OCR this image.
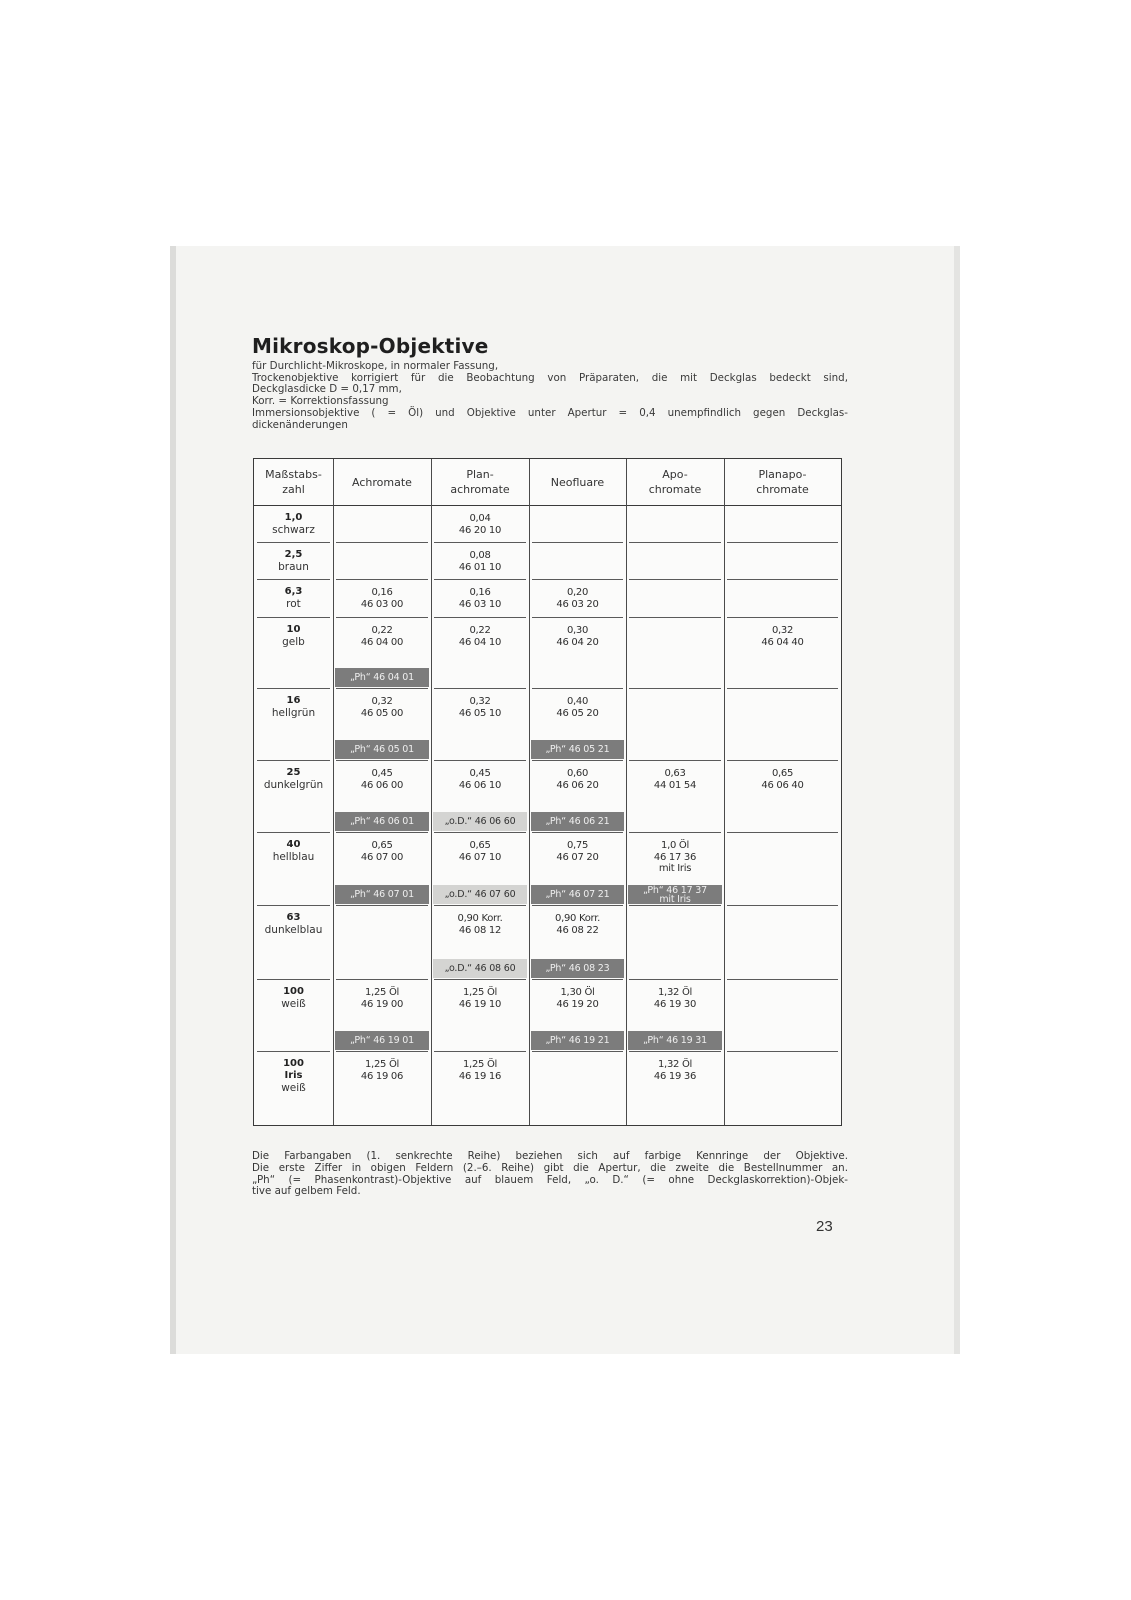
Mikroskop-Objektive
für Durchlicht-Mikroskope, in normaler Fassung,
Trockenobjektive korrigiert für die Beobachtung von Präparaten, die mit Deckglas bedeckt sind,
Deckglasdicke D = 0,17 mm,
Korr. = Korrektionsfassung
Immersionsobjektive ( = Öl) und Objektive unter Apertur = 0,4 unempfindlich gegen Deckglas-
dickenänderungen
Maßstabs-
zahl
Achromate
Plan-
achromate
Neofluare
Apo-
chromate
Planapo-
chromate
1,0
schwarz
0,04
46 20 10
2,5
braun
0,08
46 01 10
6,3
rot
0,16
46 03 00
0,16
46 03 10
0,20
46 03 20
10
gelb
0,22
46 04 00
„Ph“ 46 04 01
0,22
46 04 10
0,30
46 04 20
0,32
46 04 40
16
hellgrün
0,32
46 05 00
„Ph“ 46 05 01
0,32
46 05 10
0,40
46 05 20
„Ph“ 46 05 21
25
dunkelgrün
0,45
46 06 00
„Ph“ 46 06 01
0,45
46 06 10
„o.D.“ 46 06 60
0,60
46 06 20
„Ph“ 46 06 21
0,63
44 01 54
0,65
46 06 40
40
hellblau
0,65
46 07 00
„Ph“ 46 07 01
0,65
46 07 10
„o.D.“ 46 07 60
0,75
46 07 20
„Ph“ 46 07 21
1,0 Öl
46 17 36
mit Iris
„Ph“ 46 17 37
mit Iris
63
dunkelblau
0,90 Korr.
46 08 12
„o.D.“ 46 08 60
0,90 Korr.
46 08 22
„Ph“ 46 08 23
100
weiß
1,25 Öl
46 19 00
„Ph“ 46 19 01
1,25 Öl
46 19 10
1,30 Öl
46 19 20
„Ph“ 46 19 21
1,32 Öl
46 19 30
„Ph“ 46 19 31
100
Iris
weiß
1,25 Öl
46 19 06
1,25 Öl
46 19 16
1,32 Öl
46 19 36
Die Farbangaben (1. senkrechte Reihe) beziehen sich auf farbige Kennringe der Objektive.
Die erste Ziffer in obigen Feldern (2.–6. Reihe) gibt die Apertur, die zweite die Bestellnummer an.
„Ph“ (= Phasenkontrast)-Objektive auf blauem Feld, „o. D.“ (= ohne Deckglaskorrektion)-Objek-
tive auf gelbem Feld.
23
